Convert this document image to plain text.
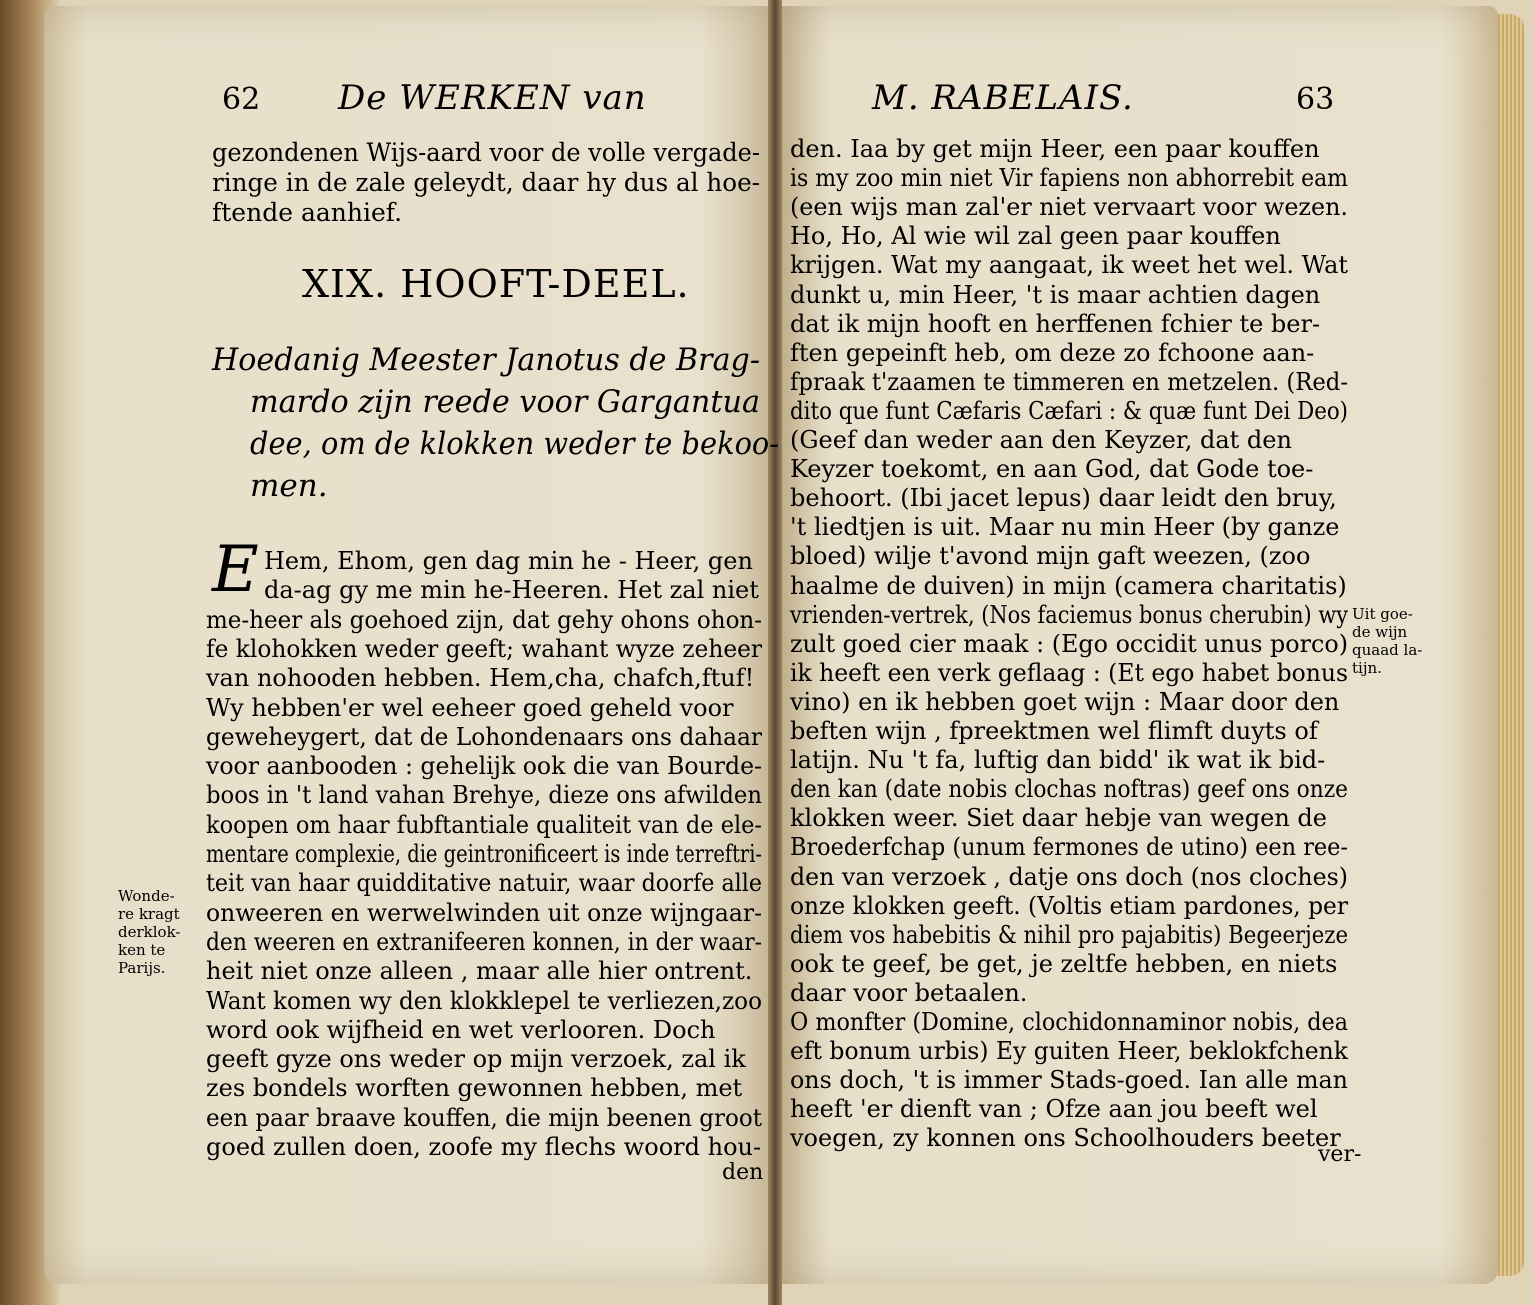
62 De WERKEN van
XIX. HOOFT-DEEL.
E
den
M. RABELAIS.	63
ver-
gezondenen Wijs-aard voor de volle vergade-
ringe in de zale geleydt, daar hy dus al hoe-
ftende aanhief.
Hoedanig Meester Janotus de Brag-
mardo zijn reede voor Gargantua
dee, om de klokken weder te bekoo-
men.
Hem, Ehom, gen dag min he - Heer, gen
da-ag gy me min he-Heeren. Het zal niet
me-heer als goehoed zijn, dat gehy ohons ohon-
fe klohokken weder geeft; wahant wyze zeheer
van nohooden hebben. Hem,cha, chafch,ftuf!
Wy hebben'er wel eeheer goed geheld voor
geweheygert, dat de Lohondenaars ons dahaar
voor aanbooden : gehelijk ook die van Bourde-
boos in 't land vahan Brehye, dieze ons afwilden
koopen om haar fubftantiale qualiteit van de ele-
mentare complexie, die geintronificeert is inde terreftri-
teit van haar quidditative natuir, waar doorfe alle
onweeren en werwelwinden uit onze wijngaar-
den weeren en extranifeeren konnen, in der waar-
heit niet onze alleen , maar alle hier ontrent.
Want komen wy den klokklepel te verliezen,zoo
word ook wijfheid en wet verlooren. Doch
geeft gyze ons weder op mijn verzoek, zal ik
zes bondels worften gewonnen hebben, met
een paar braave kouffen, die mijn beenen groot
goed zullen doen, zoofe my flechs woord hou-
den. Iaa by get mijn Heer, een paar kouffen
is my zoo min niet Vir fapiens non abhorrebit eam
(een wijs man zal'er niet vervaart voor wezen.
Ho, Ho, Al wie wil zal geen paar kouffen
krijgen. Wat my aangaat, ik weet het wel. Wat
dunkt u, min Heer, 't is maar achtien dagen
dat ik mijn hooft en herffenen fchier te ber-
ften gepeinft heb, om deze zo fchoone aan-
fpraak t'zaamen te timmeren en metzelen. (Red-
dito que funt Cæfaris Cæfari : & quæ funt Dei Deo)
(Geef dan weder aan den Keyzer, dat den
Keyzer toekomt, en aan God, dat Gode toe-
behoort. (Ibi jacet lepus) daar leidt den bruy,
't liedtjen is uit. Maar nu min Heer (by ganze
bloed) wilje t'avond mijn gaft weezen, (zoo
haalme de duiven) in mijn (camera charitatis)
vrienden-vertrek, (Nos faciemus bonus cherubin) wy
zult goed cier maak : (Ego occidit unus porco)
ik heeft een verk geflaag : (Et ego habet bonus
vino) en ik hebben goet wijn : Maar door den
beften wijn , fpreektmen wel flimft duyts of
latijn. Nu 't fa, luftig dan bidd' ik wat ik bid-
den kan (date nobis clochas noftras) geef ons onze
klokken weer. Siet daar hebje van wegen de
Broederfchap (unum fermones de utino) een ree-
den van verzoek , datje ons doch (nos cloches)
onze klokken geeft. (Voltis etiam pardones, per
diem vos habebitis & nihil pro pajabitis) Begeerjeze
ook te geef, be get, je zeltfe hebben, en niets
daar voor betaalen.
O monfter (Domine, clochidonnaminor nobis, dea
eft bonum urbis) Ey guiten Heer, beklokfchenk
ons doch, 't is immer Stads-goed. Ian alle man
heeft 'er dienft van ; Ofze aan jou beeft wel
voegen, zy konnen ons Schoolhouders beeter
Wonde-
re kragt
derklok-
ken te
Parijs.
Uit goe-
de wijn
quaad la-
tijn.
